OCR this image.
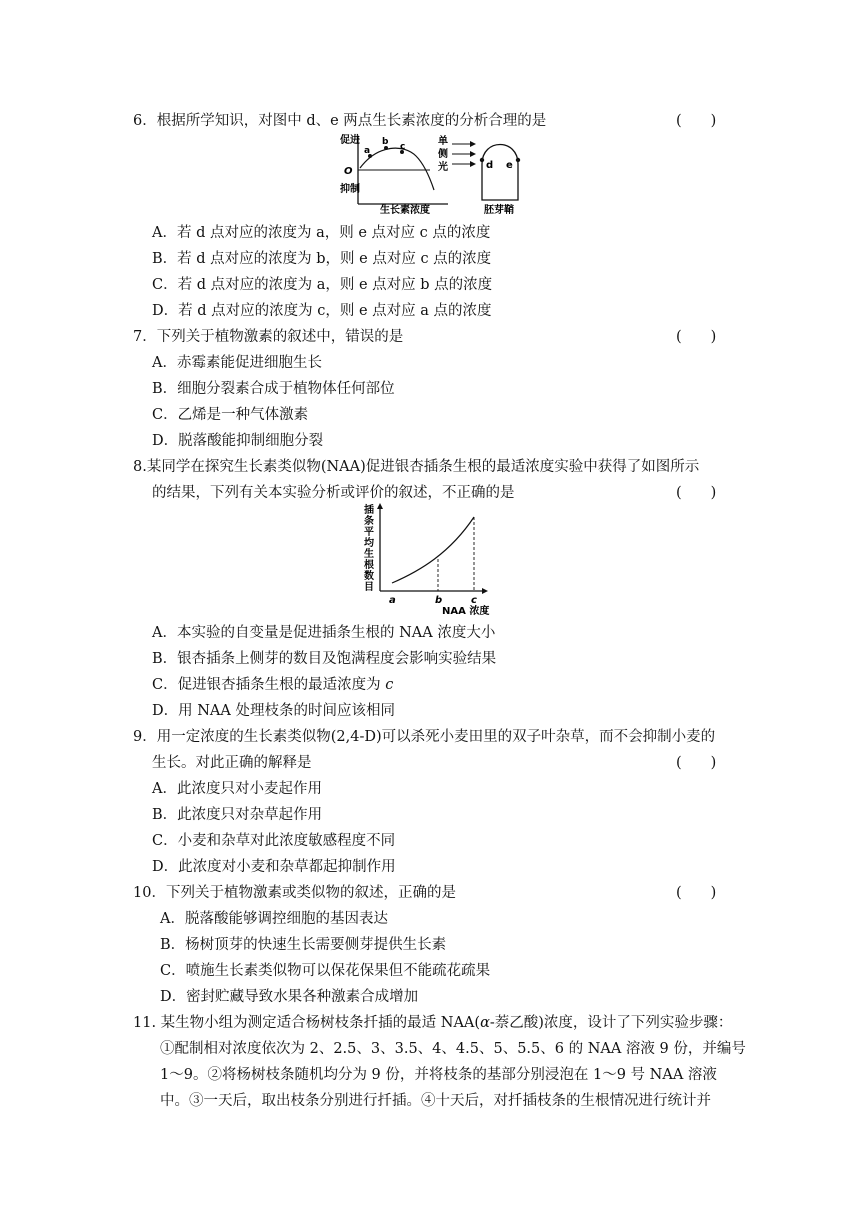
6．根据所学知识，对图中 d、e 两点生长素浓度的分析合理的是	(　　)
促进
O
抑制
a
b c
生长素浓度
单
侧
光	d e
胚芽鞘
A．若 d 点对应的浓度为 a，则 e 点对应 c 点的浓度
B．若 d 点对应的浓度为 b，则 e 点对应 c 点的浓度
C．若 d 点对应的浓度为 a，则 e 点对应 b 点的浓度
D．若 d 点对应的浓度为 c，则 e 点对应 a 点的浓度
7．下列关于植物激素的叙述中，错误的是	(　　)
A．赤霉素能促进细胞生长
B．细胞分裂素合成于植物体任何部位
C．乙烯是一种气体激素
D．脱落酸能抑制细胞分裂
8.某同学在探究生长素类似物(NAA)促进银杏插条生根的最适浓度实验中获得了如图所示
的结果，下列有关本实验分析或评价的叙述，不正确的是	(　　)
插
条
平
均
生
根
数
目
a	b	c
NAA 浓度
A．本实验的自变量是促进插条生根的 NAA 浓度大小
B．银杏插条上侧芽的数目及饱满程度会影响实验结果
C．促进银杏插条生根的最适浓度为 c
D．用 NAA 处理枝条的时间应该相同
9．用一定浓度的生长素类似物(2,4-D)可以杀死小麦田里的双子叶杂草，而不会抑制小麦的
生长。对此正确的解释是	(　　)
A．此浓度只对小麦起作用
B．此浓度只对杂草起作用
C．小麦和杂草对此浓度敏感程度不同
D．此浓度对小麦和杂草都起抑制作用
10．下列关于植物激素或类似物的叙述，正确的是	(　　)
A．脱落酸能够调控细胞的基因表达
B．杨树顶芽的快速生长需要侧芽提供生长素
C．喷施生长素类似物可以保花保果但不能疏花疏果
D．密封贮藏导致水果各种激素合成增加
11. 某生物小组为测定适合杨树枝条扦插的最适 NAA(α-萘乙酸)浓度，设计了下列实验步骤：
①配制相对浓度依次为 2、2.5、3、3.5、4、4.5、5、5.5、6 的 NAA 溶液 9 份，并编号
1～9。②将杨树枝条随机均分为 9 份，并将枝条的基部分别浸泡在 1～9 号 NAA 溶液
中。③一天后，取出枝条分别进行扦插。④十天后，对扦插枝条的生根情况进行统计并
